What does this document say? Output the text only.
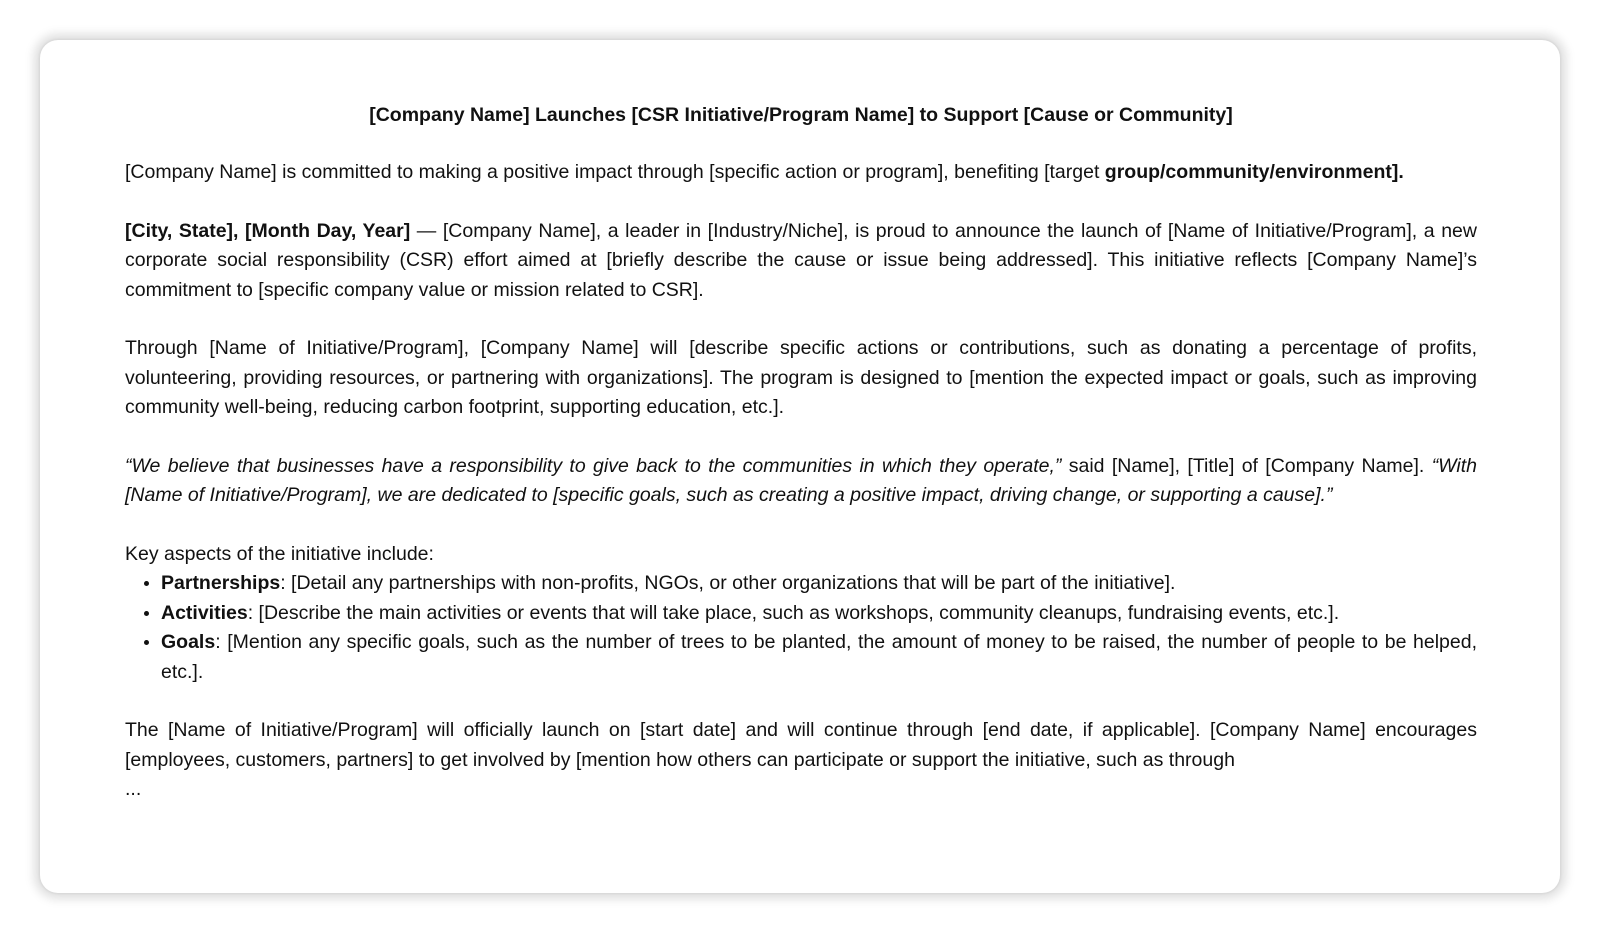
[Company Name] Launches [CSR Initiative/Program Name] to Support [Cause or Community]

[Company Name] is committed to making a positive impact through [specific action or program], benefiting [target group/community/environment].

[City, State], [Month Day, Year] — [Company Name], a leader in [Industry/Niche], is proud to announce the launch of [Name of Initiative/Program], a new corporate social responsibility (CSR) effort aimed at [briefly describe the cause or issue being addressed]. This initiative reflects [Company Name]’s commitment to [specific company value or mission related to CSR].

Through [Name of Initiative/Program], [Company Name] will [describe specific actions or contributions, such as donating a percentage of profits, volunteering, providing resources, or partnering with organizations]. The program is designed to [mention the expected impact or goals, such as improving community well-being, reducing carbon footprint, supporting education, etc.].

“We believe that businesses have a responsibility to give back to the communities in which they operate,” said [Name], [Title] of [Company Name]. “With [Name of Initiative/Program], we are dedicated to [specific goals, such as creating a positive impact, driving change, or supporting a cause].”

Key aspects of the initiative include:

• Partnerships: [Detail any partnerships with non-profits, NGOs, or other organizations that will be part of the initiative].
• Activities: [Describe the main activities or events that will take place, such as workshops, community cleanups, fundraising events, etc.].
• Goals: [Mention any specific goals, such as the number of trees to be planted, the amount of money to be raised, the number of people to be helped, etc.].

The [Name of Initiative/Program] will officially launch on [start date] and will continue through [end date, if applicable]. [Company Name] encourages [employees, customers, partners] to get involved by [mention how others can participate or support the initiative, such as through

...
